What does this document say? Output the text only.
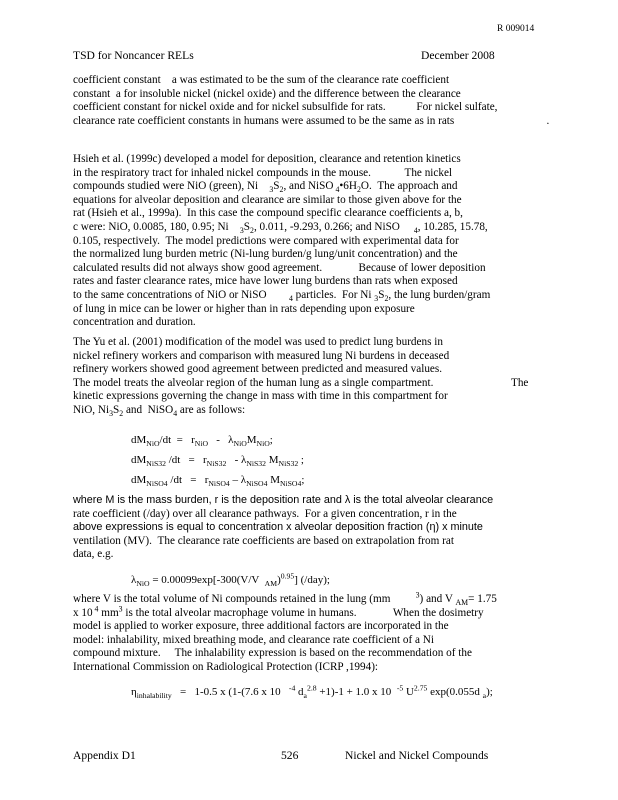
R 009014
TSD for Noncancer RELs	December 2008
coefficient constant    a was estimated to be the sum of the clearance rate coefficient
constant  a for insoluble nickel (nickel oxide) and the difference between the clearance
coefficient constant for nickel oxide and for nickel subsulfide for rats.           For nickel sulfate,
clearance rate coefficient constants in humans were assumed to be the same as in rats                                 .
Hsieh et al. (1999c) developed a model for deposition, clearance and retention kinetics
in the respiratory tract for inhaled nickel compounds in the mouse.            The nickel
compounds studied were NiO (green), Ni    $_3S_2$, and NiSO $_4•6H_2O$.  The approach and
equations for alveolar deposition and clearance are similar to those given above for the
rat (Hsieh et al., 1999a).  In this case the compound specific clearance coefficients a, b,
c were: NiO, 0.0085, 180, 0.95; Ni    $_3S_2$, 0.011, -9.293, 0.266; and NiSO     $_4$, 10.285, 15.78,
0.105, respectively.  The model predictions were compared with experimental data for
the normalized lung burden metric (Ni-lung burden/g lung/unit concentration) and the
calculated results did not always show good agreement.             Because of lower deposition
rates and faster clearance rates, mice have lower lung burdens than rats when exposed
to the same concentrations of NiO or NiSO        $_4$ particles.  For Ni $_3S_2$, the lung burden/gram
of lung in mice can be lower or higher than in rats depending upon exposure
concentration and duration.
The Yu et al. (2001) modification of the model was used to predict lung burdens in
nickel refinery workers and comparison with measured lung Ni burdens in deceased
refinery workers showed good agreement between predicted and measured values.
The model treats the alveolar region of the human lung as a single compartment.	The
kinetic expressions governing the change in mass with time in this compartment for
NiO, $Ni_3S_2$ and  NiSO$_4$ are as follows:
$dM_{NiO}/dt = r_{NiO} - \lambda_{NiO}M_{NiO}$;
$dM_{NiS32}$ $/dt = r_{NiS32} - \lambda_{NiS32}$ $M_{NiS32}$ ;
$dM_{NiSO4}$ $/dt = r_{NiSO4} - \lambda_{NiSO4}$ $M_{NiSO4}$;
where M is the mass burden, r is the deposition rate and λ is the total alveolar clearance
rate coefficient (/day) over all clearance pathways.  For a given concentration, r in the
above expressions is equal to concentration x alveolar deposition fraction (η) x minute
ventilation (MV).  The clearance rate coefficients are based on extrapolation from rat
data, e.g.
$\lambda_{NiO} = 0.00099\exp[-300(V/V$  $_{AM}$)$^{0.95}$] (/day);
where V is the total volume of Ni compounds retained in the lung (mm         $^3$) and V $_{AM}$= 1.75
x 10 $^4$ $mm^3$ is the total alveolar macrophage volume in humans.             When the dosimetry
model is applied to worker exposure, three additional factors are incorporated in the
model: inhalability, mixed breathing mode, and clearance rate coefficient of a Ni
compound mixture.     The inhalability expression is based on the recommendation of the
International Commission on Radiological Protection (ICRP ,1994):
$\eta_{inhalability} = 1-0.5$ x (1-(7.6 x 10   $^{-4}$ $d_a^{2.8} +1)-1 + 1.0$ x 10  $^{-5}$ $U^{2.75}$ exp(0.055d $_a$);
Appendix D1	526	Nickel and Nickel Compounds
